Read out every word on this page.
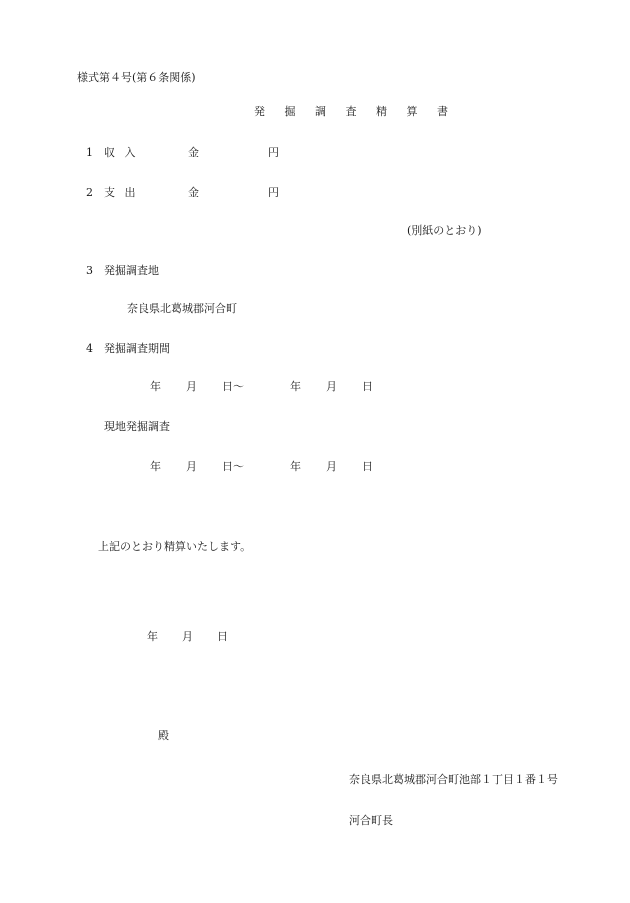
様式第４号(第６条関係)
発 掘 調 査 精 算 書
1 収 入	金	円
2 支 出	金	円
(別紙のとおり)
3 発掘調査地
奈良県北葛城郡河合町
4 発掘調査期間
年 月 日～	年 月 日
現地発掘調査
年 月 日～	年 月 日
上記のとおり精算いたします。
年 月 日
殿
奈良県北葛城郡河合町池部１丁目１番１号
河合町長
